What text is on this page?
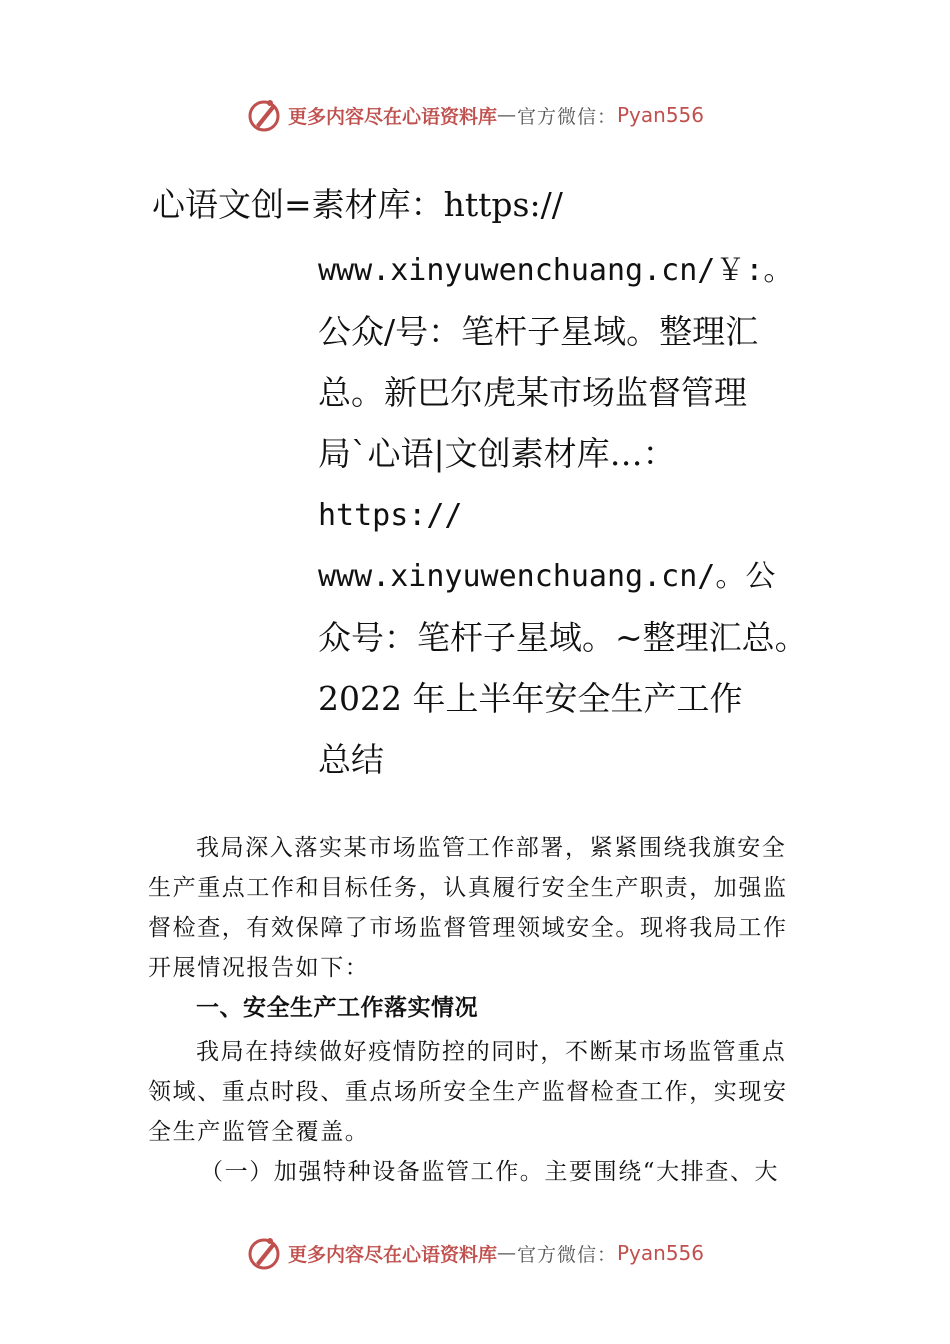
更多内容尽在心语资料库 — 官方微信： Pyan556
心语文创=素材库：https://
www.xinyuwenchuang.cn/￥:。
公众/号：笔杆子星域。整理汇
总。新巴尔虎某市场监督管理
局`心语|文创素材库…：
https://
www.xinyuwenchuang.cn/。公
众号：笔杆子星域。~整理汇总。
2022 年上半年安全生产工作
总结
我局深入落实某市场监管工作部署，紧紧围绕我旗安全
生产重点工作和目标任务，认真履行安全生产职责，加强监
督检查，有效保障了市场监督管理领域安全。现将我局工作
开展情况报告如下：
一、安全生产工作落实情况
我局在持续做好疫情防控的同时，不断某市场监管重点
领域、重点时段、重点场所安全生产监督检查工作，实现安
全生产监管全覆盖。
（一）加强特种设备监管工作。主要围绕“大排查、大
更多内容尽在心语资料库 — 官方微信： Pyan556
